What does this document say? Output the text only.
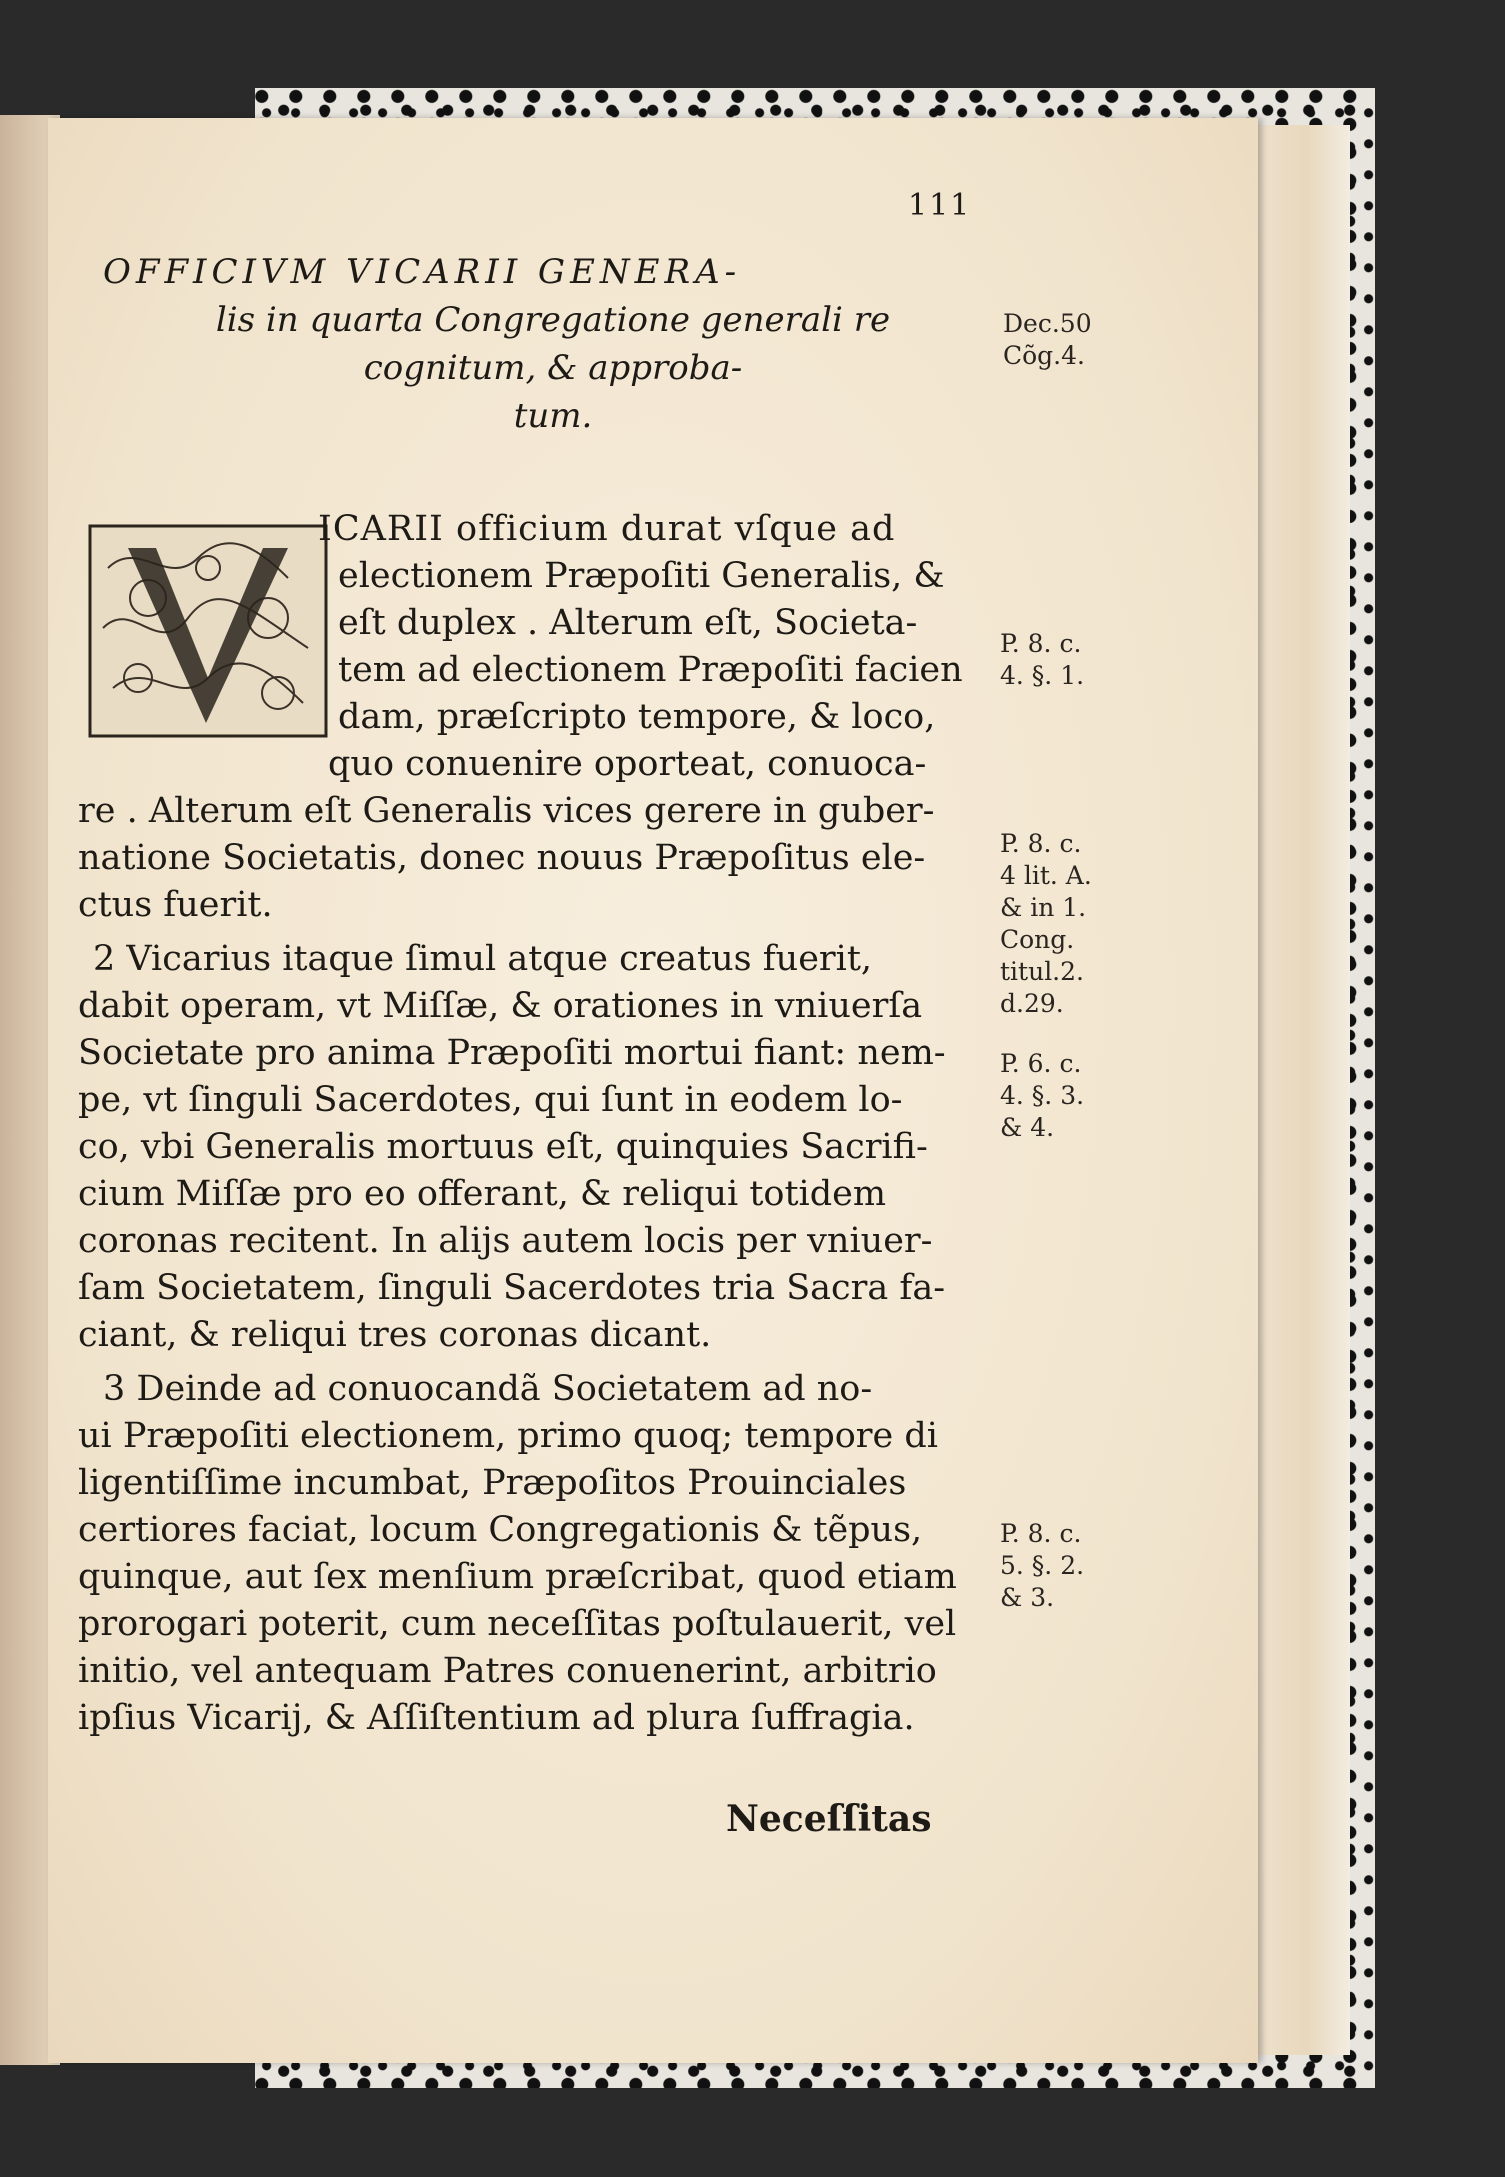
111
OFFICIVM VICARII GENERA-
lis in quarta Congregatione generali re
cognitum, & approba-
tum.
Dec.50
Cõg.4.
P. 8. c.
4. §. 1.
P. 8. c.
4 lit. A.
& in 1.
Cong.
titul.2.
d.29.
P. 6. c.
4. §. 3.
& 4.
P. 8. c.
5. §. 2.
& 3.
V	ICARII officium durat vſque ad
electionem Præpoſiti Generalis, &
eſt duplex . Alterum eſt, Societa-
tem ad electionem Præpoſiti facien
dam, præſcripto tempore, & loco,
quo conuenire oporteat, conuoca-
re . Alterum eſt Generalis vices gerere in guber-
natione Societatis, donec nouus Præpoſitus ele-
ctus fuerit.
2 Vicarius itaque ſimul atque creatus fuerit,
dabit operam, vt Miſſæ, & orationes in vniuerſa
Societate pro anima Præpoſiti mortui fiant: nem-
pe, vt ſinguli Sacerdotes, qui ſunt in eodem lo-
co, vbi Generalis mortuus eſt, quinquies Sacrifi-
cium Miſſæ pro eo offerant, & reliqui totidem
coronas recitent. In alijs autem locis per vniuer-
ſam Societatem, ſinguli Sacerdotes tria Sacra fa-
ciant, & reliqui tres coronas dicant.
3 Deinde ad conuocandã Societatem ad no-
ui Præpoſiti electionem, primo quoq; tempore di
ligentiſſime incumbat, Præpoſitos Prouinciales
certiores faciat, locum Congregationis & tẽpus,
quinque, aut ſex menſium præſcribat, quod etiam
prorogari poterit, cum neceſſitas poſtulauerit, vel
initio, vel antequam Patres conuenerint, arbitrio
ipſius Vicarij, & Aſſiſtentium ad plura ſuffragia.
Neceſſitas
